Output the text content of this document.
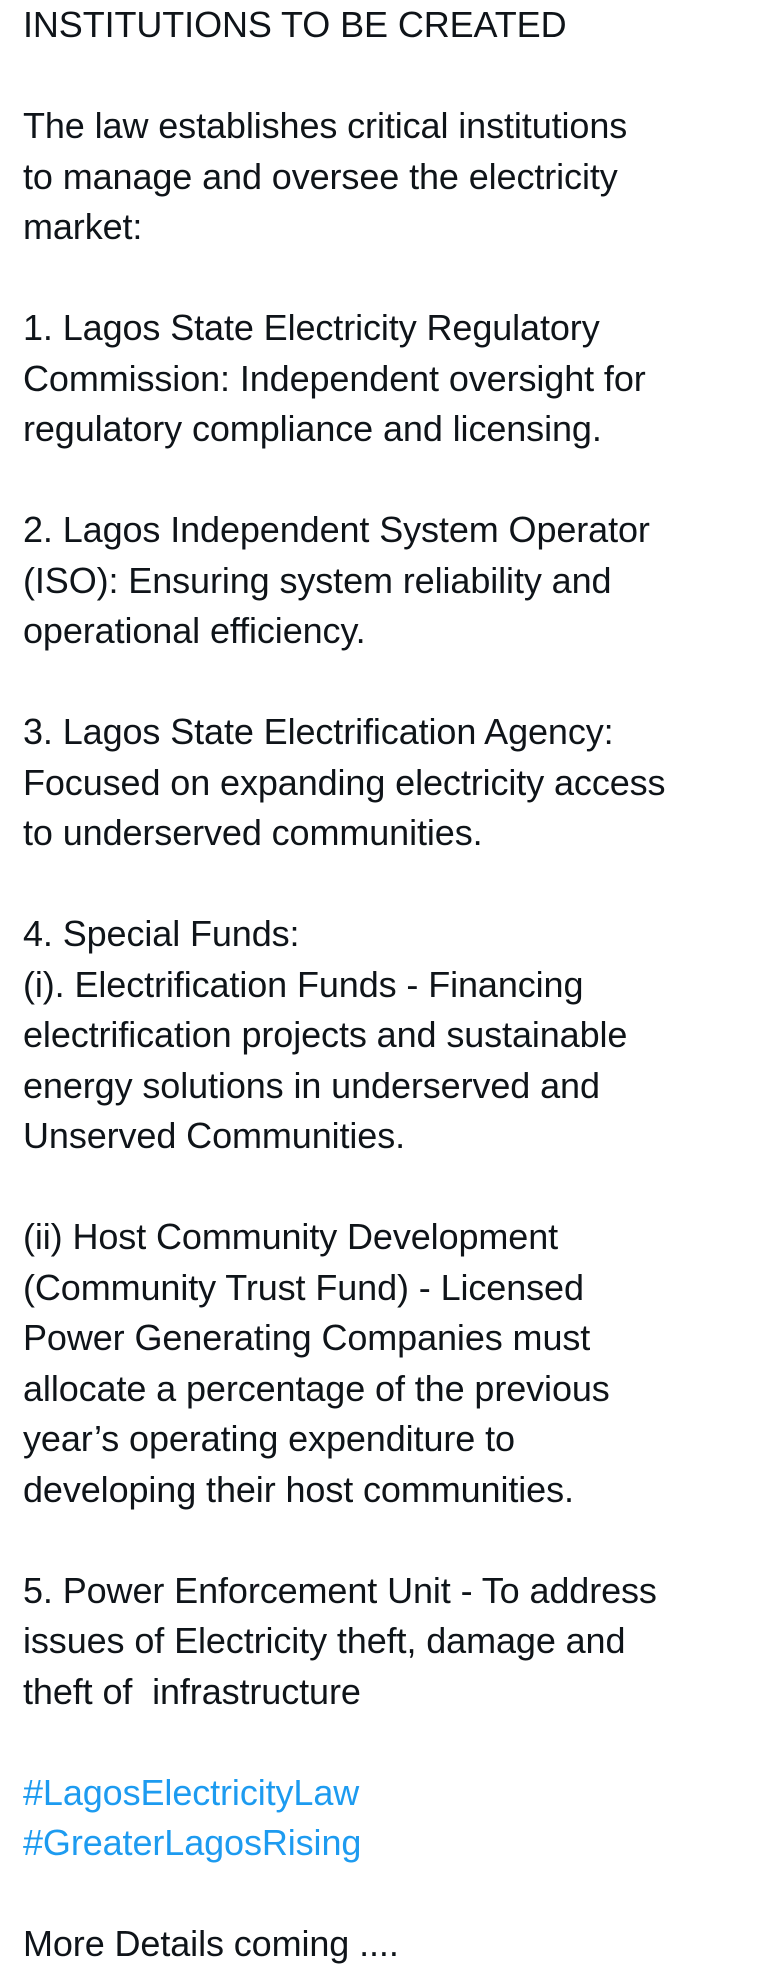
INSTITUTIONS TO BE CREATED
The law establishes critical institutions
to manage and oversee the electricity
market:
1. Lagos State Electricity Regulatory
Commission: Independent oversight for
regulatory compliance and licensing.
2. Lagos Independent System Operator
(ISO): Ensuring system reliability and
operational efficiency.
3. Lagos State Electrification Agency:
Focused on expanding electricity access
to underserved communities.
4. Special Funds:
(i). Electrification Funds - Financing
electrification projects and sustainable
energy solutions in underserved and
Unserved Communities.
(ii) Host Community Development
(Community Trust Fund) - Licensed
Power Generating Companies must
allocate a percentage of the previous
year’s operating expenditure to
developing their host communities.
5. Power Enforcement Unit - To address
issues of Electricity theft, damage and
theft of  infrastructure
#LagosElectricityLaw
#GreaterLagosRising
More Details coming ....
